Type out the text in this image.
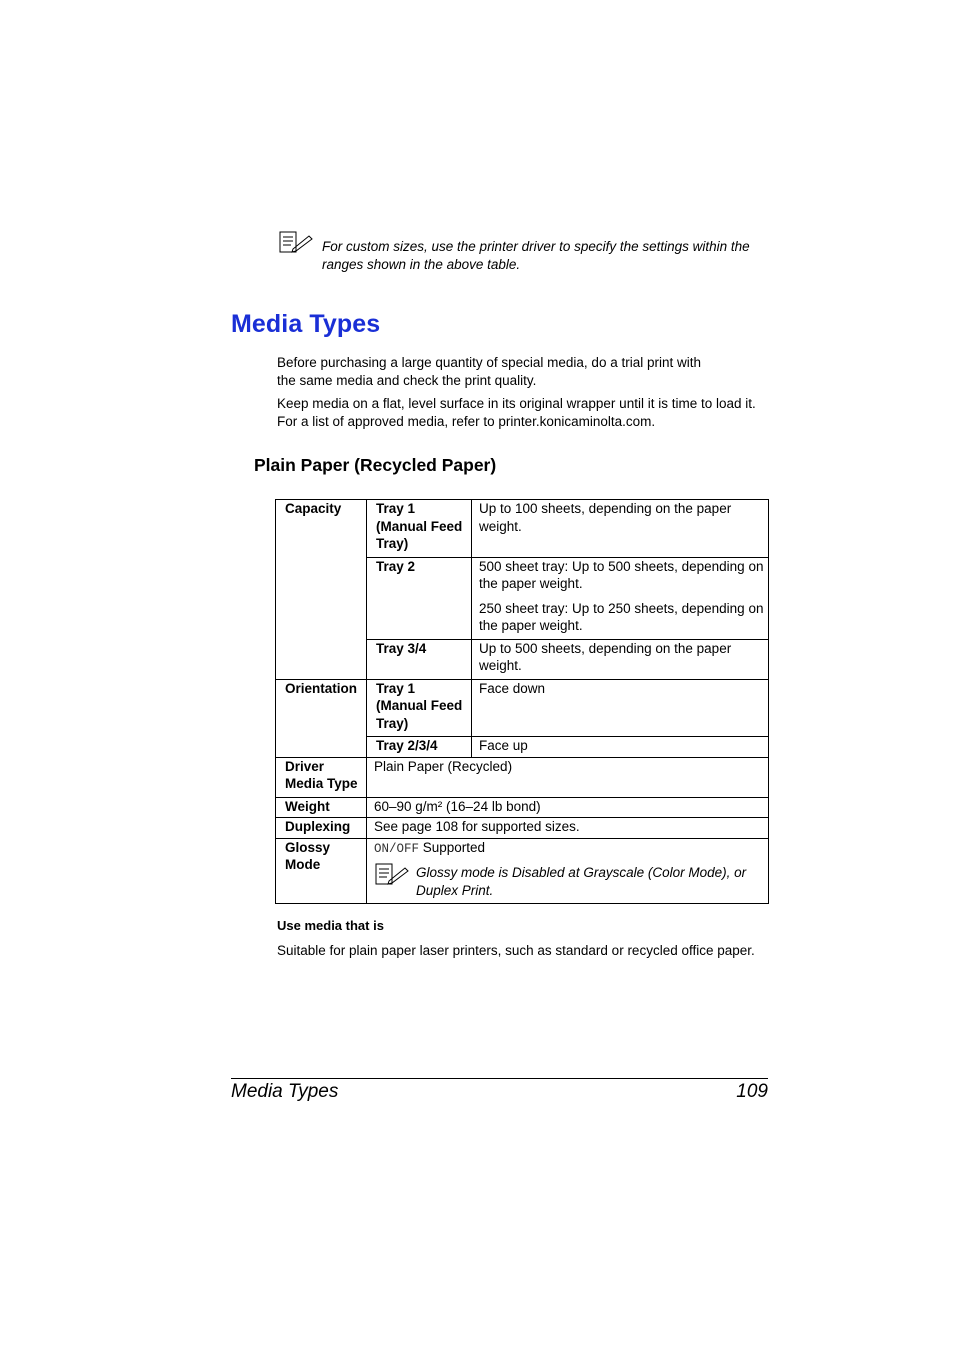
For custom sizes, use the printer driver to specify the settings within the ranges shown in the above table.
Media Types

Before purchasing a large quantity of special media, do a trial print with the same media and check the print quality.

Keep media on a flat, level surface in its original wrapper until it is time to load it. For a list of approved media, refer to printer.konicaminolta.com.

Plain Paper (Recycled Paper)
Capacity	Tray 1 (Manual Feed Tray)	Up to 100 sheets, depending on the paper weight.
	Tray 2	500 sheet tray: Up to 500 sheets, depending on the paper weight.

250 sheet tray: Up to 250 sheets, depending on the paper weight.

	Tray 3/4	Up to 500 sheets, depending on the paper weight.
Orientation	Tray 1 (Manual Feed Tray)	Face down
	Tray 2/3/4	Face up
Driver Media Type	Plain Paper (Recycled)	
Weight	60–90 g/m² (16–24 lb bond)	
Duplexing	See page 108 for supported sizes.	
Glossy Mode	ON/OFF Supported
Glossy mode is Disabled at Grayscale (Color Mode), or Duplex Print.	
Use media that is

Suitable for plain paper laser printers, such as standard or recycled office paper.

Media Types	109
